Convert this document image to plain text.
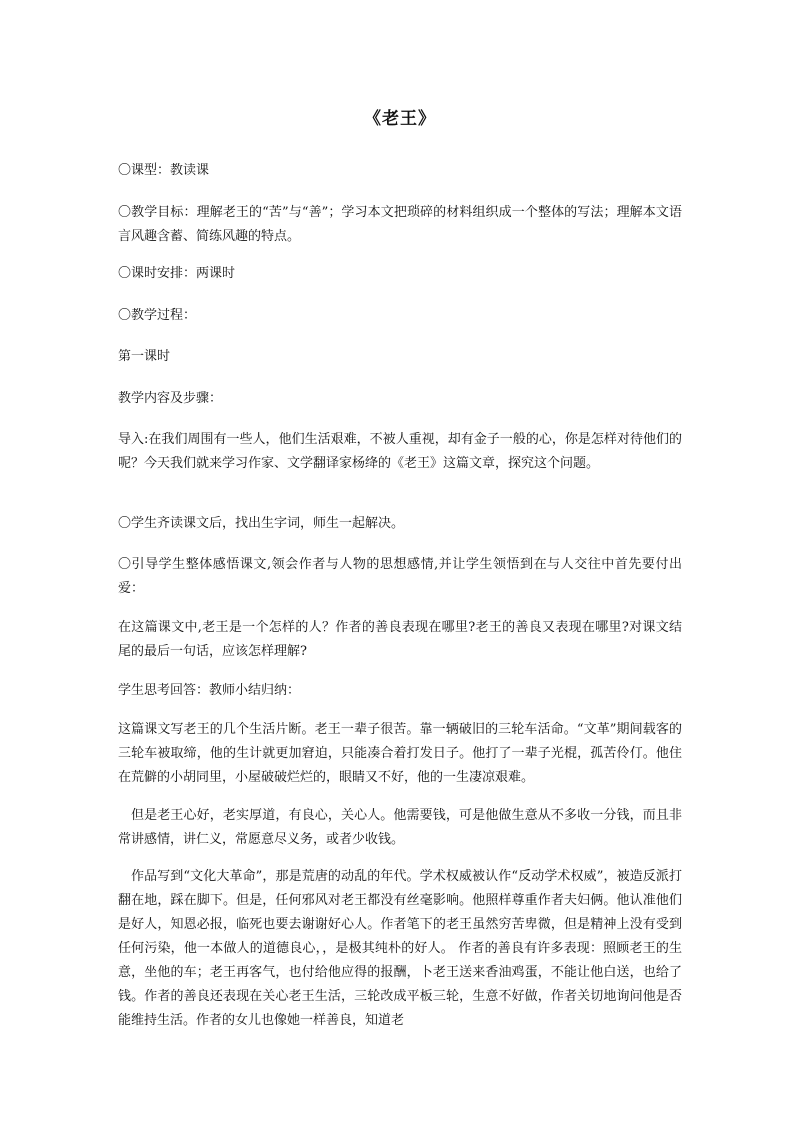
《老王》
〇课型：教读课
〇教学目标：理解老王的“苦”与“善”；学习本文把琐碎的材料组织成一个整体的写法；理解本文语言风趣含蓄、简练风趣的特点。
〇课时安排：两课时
〇教学过程：
第一课时
教学内容及步骤：
导入:在我们周围有一些人，他们生活艰难，不被人重视，却有金子一般的心，你是怎样对待他们的呢？今天我们就来学习作家、文学翻译家杨绛的《老王》这篇文章，探究这个问题。
〇学生齐读课文后，找出生字词，师生一起解决。
〇引导学生整体感悟课文,领会作者与人物的思想感情,并让学生领悟到在与人交往中首先要付出爱：
在这篇课文中,老王是一个怎样的人？作者的善良表现在哪里?老王的善良又表现在哪里?对课文结尾的最后一句话，应该怎样理解?
学生思考回答：教师小结归纳：
这篇课文写老王的几个生活片断。老王一辈子很苦。靠一辆破旧的三轮车活命。“文革”期间载客的三轮车被取缔，他的生计就更加窘迫，只能凑合着打发日子。他打了一辈子光棍，孤苦伶仃。他住在荒僻的小胡同里，小屋破破烂烂的，眼睛又不好，他的一生凄凉艰难。
但是老王心好，老实厚道，有良心，关心人。他需要钱，可是他做生意从不多收一分钱，而且非常讲感情，讲仁义，常愿意尽义务，或者少收钱。
作品写到“文化大革命”，那是荒唐的动乱的年代。学术权威被认作“反动学术权威”，被造反派打翻在地，踩在脚下。但是，任何邪风对老王都没有丝毫影响。他照样尊重作者夫妇俩。他认准他们是好人，知恩必报，临死也要去谢谢好心人。作者笔下的老王虽然穷苦卑微，但是精神上没有受到任何污染，他一本做人的道德良心，，是极其纯朴的好人。 作者的善良有许多表现：照顾老王的生意，坐他的车；老王再客气，也付给他应得的报酬，卜老王送来香油鸡蛋，不能让他白送，也给了钱。作者的善良还表现在关心老王生活，三轮改成平板三轮，生意不好做，作者关切地询问他是否能维持生活。作者的女儿也像她一样善良，知道老
